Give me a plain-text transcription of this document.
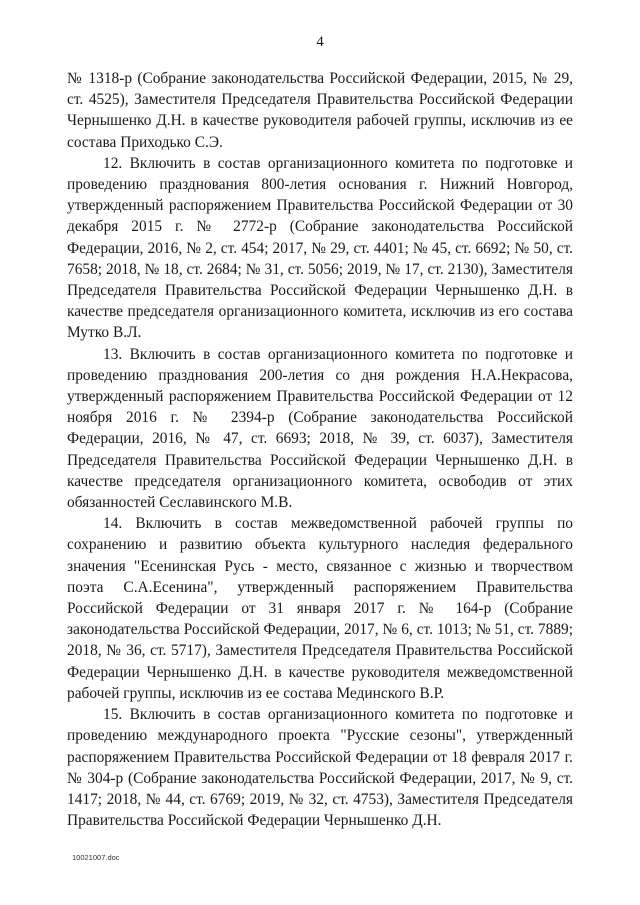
4

№ 1318-р (Собрание законодательства Российской Федерации, 2015, № 29, ст. 4525), Заместителя Председателя Правительства Российской Федерации Чернышенко Д.Н. в качестве руководителя рабочей группы, исключив из ее состава Приходько С.Э.

12. Включить в состав организационного комитета по подготовке и проведению празднования 800-летия основания г. Нижний Новгород, утвержденный распоряжением Правительства Российской Федерации от 30 декабря 2015 г. № 2772-р (Собрание законодательства Российской Федерации, 2016, № 2, ст. 454; 2017, № 29, ст. 4401; № 45, ст. 6692; № 50, ст. 7658; 2018, № 18, ст. 2684; № 31, ст. 5056; 2019, № 17, ст. 2130), Заместителя Председателя Правительства Российской Федерации Чернышенко Д.Н. в качестве председателя организационного комитета, исключив из его состава Мутко В.Л.

13. Включить в состав организационного комитета по подготовке и проведению празднования 200-летия со дня рождения Н.А.Некрасова, утвержденный распоряжением Правительства Российской Федерации от 12 ноября 2016 г. № 2394-р (Собрание законодательства Российской Федерации, 2016, № 47, ст. 6693; 2018, № 39, ст. 6037), Заместителя Председателя Правительства Российской Федерации Чернышенко Д.Н. в качестве председателя организационного комитета, освободив от этих обязанностей Сеславинского М.В.

14. Включить в состав межведомственной рабочей группы по сохранению и развитию объекта культурного наследия федерального значения "Есенинская Русь - место, связанное с жизнью и творчеством поэта С.А.Есенина", утвержденный распоряжением Правительства Российской Федерации от 31 января 2017 г. № 164-р (Собрание законодательства Российской Федерации, 2017, № 6, ст. 1013; № 51, ст. 7889; 2018, № 36, ст. 5717), Заместителя Председателя Правительства Российской Федерации Чернышенко Д.Н. в качестве руководителя межведомственной рабочей группы, исключив из ее состава Мединского В.Р.

15. Включить в состав организационного комитета по подготовке и проведению международного проекта "Русские сезоны", утвержденный распоряжением Правительства Российской Федерации от 18 февраля 2017 г. № 304-р (Собрание законодательства Российской Федерации, 2017, № 9, ст. 1417; 2018, № 44, ст. 6769; 2019, № 32, ст. 4753), Заместителя Председателя Правительства Российской Федерации Чернышенко Д.Н.

10021007.doc
